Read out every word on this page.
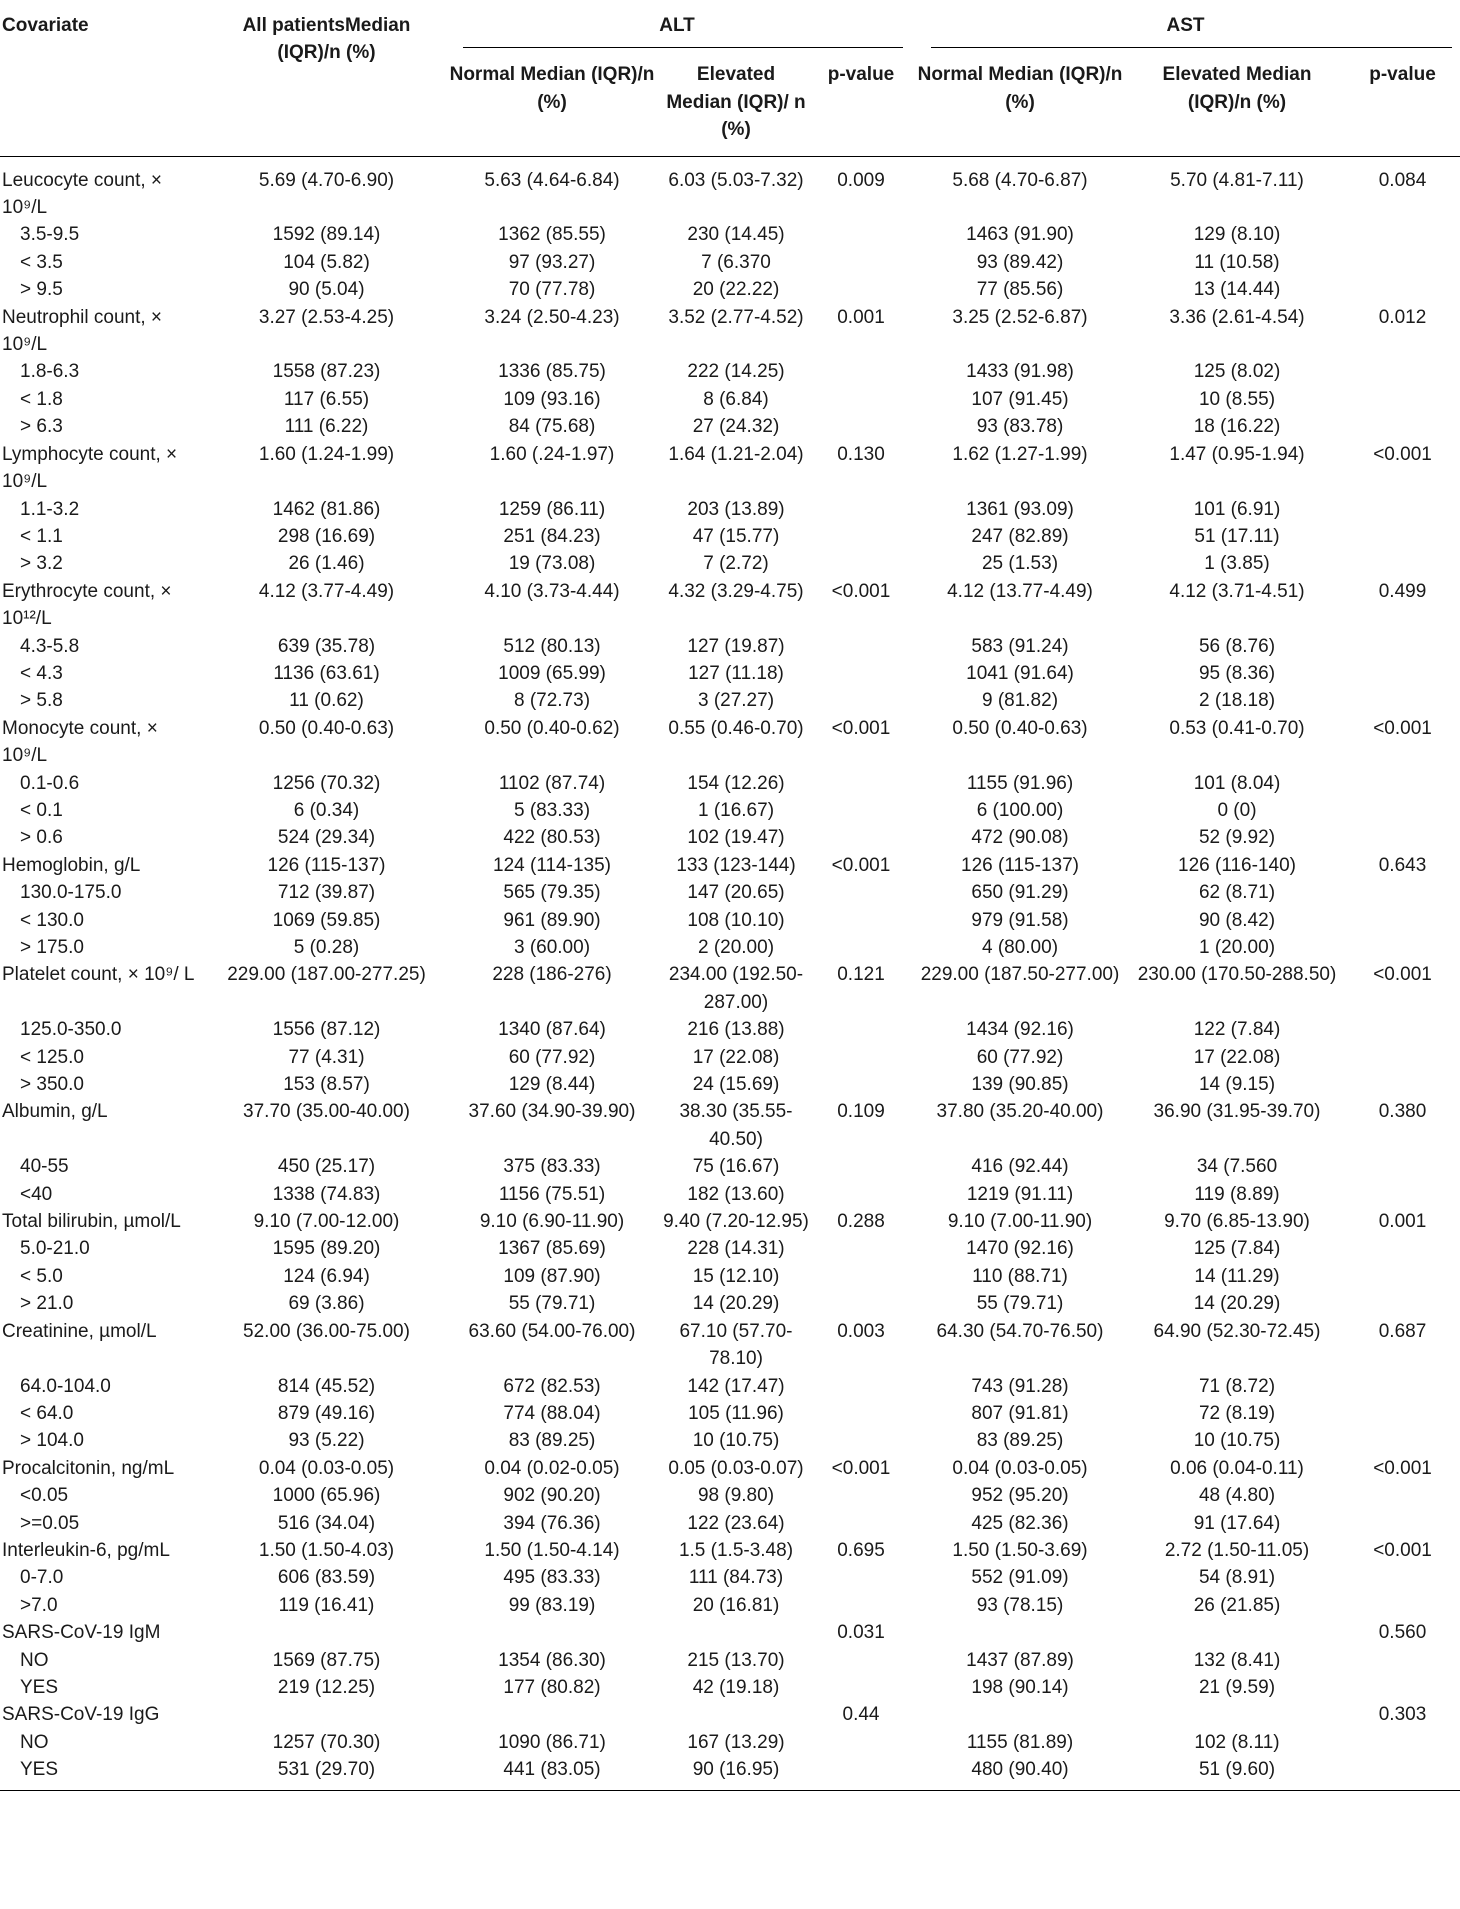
Covariate	All patientsMedian (IQR)/n (%)	ALT			AST		

		Normal Median (IQR)/n (%)	Elevated Median (IQR)/ n (%)	p-value	Normal Median (IQR)/n (%)	Elevated Median (IQR)/n (%)	p-value
Leucocyte count, × 10⁹/L	5.69 (4.70-6.90)	5.63 (4.64-6.84)	6.03 (5.03-7.32)	0.009	5.68 (4.70-6.87)	5.70 (4.81-7.11)	0.084
3.5-9.5	1592 (89.14)	1362 (85.55)	230 (14.45)		1463 (91.90)	129 (8.10)	
< 3.5	104 (5.82)	97 (93.27)	7 (6.370		93 (89.42)	11 (10.58)	
> 9.5	90 (5.04)	70 (77.78)	20 (22.22)		77 (85.56)	13 (14.44)	
Neutrophil count, × 10⁹/L	3.27 (2.53-4.25)	3.24 (2.50-4.23)	3.52 (2.77-4.52)	0.001	3.25 (2.52-6.87)	3.36 (2.61-4.54)	0.012
1.8-6.3	1558 (87.23)	1336 (85.75)	222 (14.25)		1433 (91.98)	125 (8.02)	
< 1.8	117 (6.55)	109 (93.16)	8 (6.84)		107 (91.45)	10 (8.55)	
> 6.3	111 (6.22)	84 (75.68)	27 (24.32)		93 (83.78)	18 (16.22)	
Lymphocyte count, × 10⁹/L	1.60 (1.24-1.99)	1.60 (.24-1.97)	1.64 (1.21-2.04)	0.130	1.62 (1.27-1.99)	1.47 (0.95-1.94)	<0.001
1.1-3.2	1462 (81.86)	1259 (86.11)	203 (13.89)		1361 (93.09)	101 (6.91)	
< 1.1	298 (16.69)	251 (84.23)	47 (15.77)		247 (82.89)	51 (17.11)	
> 3.2	26 (1.46)	19 (73.08)	7 (2.72)		25 (1.53)	1 (3.85)	
Erythrocyte count, × 10¹²/L	4.12 (3.77-4.49)	4.10 (3.73-4.44)	4.32 (3.29-4.75)	<0.001	4.12 (13.77-4.49)	4.12 (3.71-4.51)	0.499
4.3-5.8	639 (35.78)	512 (80.13)	127 (19.87)		583 (91.24)	56 (8.76)	
< 4.3	1136 (63.61)	1009 (65.99)	127 (11.18)		1041 (91.64)	95 (8.36)	
> 5.8	11 (0.62)	8 (72.73)	3 (27.27)		9 (81.82)	2 (18.18)	
Monocyte count, × 10⁹/L	0.50 (0.40-0.63)	0.50 (0.40-0.62)	0.55 (0.46-0.70)	<0.001	0.50 (0.40-0.63)	0.53 (0.41-0.70)	<0.001
0.1-0.6	1256 (70.32)	1102 (87.74)	154 (12.26)		1155 (91.96)	101 (8.04)	
< 0.1	6 (0.34)	5 (83.33)	1 (16.67)		6 (100.00)	0 (0)	
> 0.6	524 (29.34)	422 (80.53)	102 (19.47)		472 (90.08)	52 (9.92)	
Hemoglobin, g/L	126 (115-137)	124 (114-135)	133 (123-144)	<0.001	126 (115-137)	126 (116-140)	0.643
130.0-175.0	712 (39.87)	565 (79.35)	147 (20.65)		650 (91.29)	62 (8.71)	
< 130.0	1069 (59.85)	961 (89.90)	108 (10.10)		979 (91.58)	90 (8.42)	
> 175.0	5 (0.28)	3 (60.00)	2 (20.00)		4 (80.00)	1 (20.00)	
Platelet count, × 10⁹/ L	229.00 (187.00-277.25)	228 (186-276)	234.00 (192.50-287.00)	0.121	229.00 (187.50-277.00)	230.00 (170.50-288.50)	<0.001
125.0-350.0	1556 (87.12)	1340 (87.64)	216 (13.88)		1434 (92.16)	122 (7.84)	
< 125.0	77 (4.31)	60 (77.92)	17 (22.08)		60 (77.92)	17 (22.08)	
> 350.0	153 (8.57)	129 (8.44)	24 (15.69)		139 (90.85)	14 (9.15)	
Albumin, g/L	37.70 (35.00-40.00)	37.60 (34.90-39.90)	38.30 (35.55-40.50)	0.109	37.80 (35.20-40.00)	36.90 (31.95-39.70)	0.380
40-55	450 (25.17)	375 (83.33)	75 (16.67)		416 (92.44)	34 (7.560	
<40	1338 (74.83)	1156 (75.51)	182 (13.60)		1219 (91.11)	119 (8.89)	
Total bilirubin, µmol/L	9.10 (7.00-12.00)	9.10 (6.90-11.90)	9.40 (7.20-12.95)	0.288	9.10 (7.00-11.90)	9.70 (6.85-13.90)	0.001
5.0-21.0	1595 (89.20)	1367 (85.69)	228 (14.31)		1470 (92.16)	125 (7.84)	
< 5.0	124 (6.94)	109 (87.90)	15 (12.10)		110 (88.71)	14 (11.29)	
> 21.0	69 (3.86)	55 (79.71)	14 (20.29)		55 (79.71)	14 (20.29)	
Creatinine, µmol/L	52.00 (36.00-75.00)	63.60 (54.00-76.00)	67.10 (57.70-78.10)	0.003	64.30 (54.70-76.50)	64.90 (52.30-72.45)	0.687
64.0-104.0	814 (45.52)	672 (82.53)	142 (17.47)		743 (91.28)	71 (8.72)	
< 64.0	879 (49.16)	774 (88.04)	105 (11.96)		807 (91.81)	72 (8.19)	
> 104.0	93 (5.22)	83 (89.25)	10 (10.75)		83 (89.25)	10 (10.75)	
Procalcitonin, ng/mL	0.04 (0.03-0.05)	0.04 (0.02-0.05)	0.05 (0.03-0.07)	<0.001	0.04 (0.03-0.05)	0.06 (0.04-0.11)	<0.001
<0.05	1000 (65.96)	902 (90.20)	98 (9.80)		952 (95.20)	48 (4.80)	
>=0.05	516 (34.04)	394 (76.36)	122 (23.64)		425 (82.36)	91 (17.64)	
Interleukin-6, pg/mL	1.50 (1.50-4.03)	1.50 (1.50-4.14)	1.5 (1.5-3.48)	0.695	1.50 (1.50-3.69)	2.72 (1.50-11.05)	<0.001
0-7.0	606 (83.59)	495 (83.33)	111 (84.73)		552 (91.09)	54 (8.91)	
>7.0	119 (16.41)	99 (83.19)	20 (16.81)		93 (78.15)	26 (21.85)	
SARS-CoV-19 IgM				0.031			0.560
NO	1569 (87.75)	1354 (86.30)	215 (13.70)		1437 (87.89)	132 (8.41)	
YES	219 (12.25)	177 (80.82)	42 (19.18)		198 (90.14)	21 (9.59)	
SARS-CoV-19 IgG				0.44			0.303
NO	1257 (70.30)	1090 (86.71)	167 (13.29)		1155 (81.89)	102 (8.11)	
YES	531 (29.70)	441 (83.05)	90 (16.95)		480 (90.40)	51 (9.60)	
